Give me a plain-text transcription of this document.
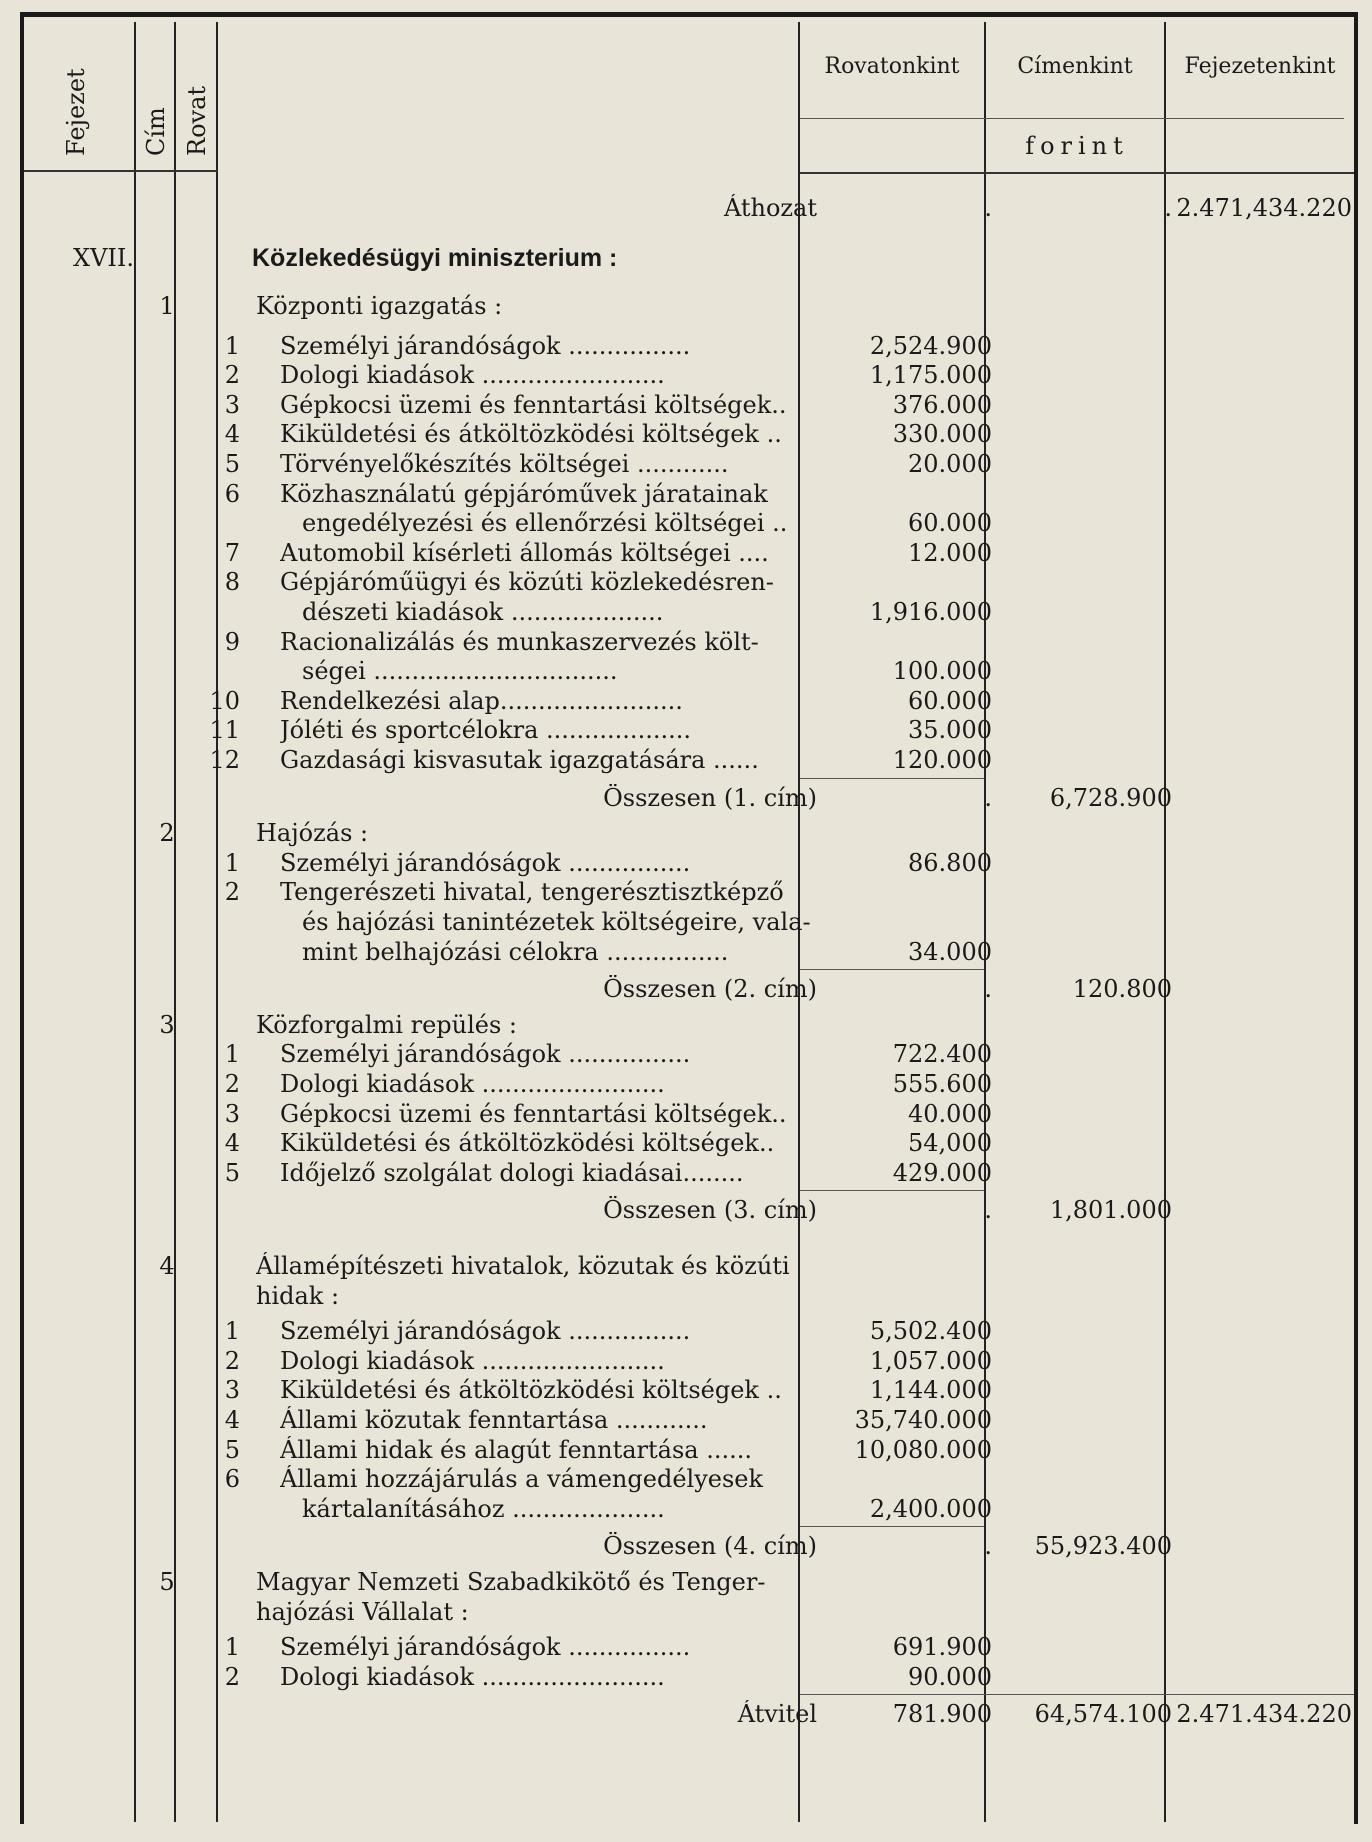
Fejezet Cím Rovat
Rovatonkint	Címenkint	Fejezetenkint
forint
Áthozat	.	. 2.471,434.220
XVII.	Közlekedésügyi miniszterium :
1	Központi igazgatás :
1 Személyi járandóságok ................	2,524.900
2 Dologi kiadások ........................	1,175.000
3 Gépkocsi üzemi és fenntartási költségek..	376.000
4 Kiküldetési és átköltözködési költségek ..	330.000
5 Törvényelőkészítés költségei ............	20.000
6 Közhasználatú gépjáróművek járatainak
engedélyezési és ellenőrzési költségei ..	60.000
7 Automobil kísérleti állomás költségei ....	12.000
8 Gépjáróműügyi és közúti közlekedésren-
dészeti kiadások ....................	1,916.000
9 Racionalizálás és munkaszervezés költ-
ségei ................................	100.000
10 Rendelkezési alap........................	60.000
11 Jóléti és sportcélokra ...................	35.000
12 Gazdasági kisvasutak igazgatására ......	120.000
Összesen (1. cím)	.	6,728.900
2	Hajózás :
1 Személyi járandóságok ................	86.800
2 Tengerészeti hivatal, tengerésztisztképző
és hajózási tanintézetek költségeire, vala-
mint belhajózási célokra ................	34.000
Összesen (2. cím)	.	120.800
3	Közforgalmi repülés :
1 Személyi járandóságok ................	722.400
2 Dologi kiadások ........................	555.600
3 Gépkocsi üzemi és fenntartási költségek..	40.000
4 Kiküldetési és átköltözködési költségek..	54,000
5 Időjelző szolgálat dologi kiadásai........	429.000
Összesen (3. cím)	.	1,801.000
4	Államépítészeti hivatalok, közutak és közúti
hidak :
1 Személyi járandóságok ................	5,502.400
2 Dologi kiadások ........................	1,057.000
3 Kiküldetési és átköltözködési költségek ..	1,144.000
4 Állami közutak fenntartása ............	35,740.000
5 Állami hidak és alagút fenntartása ......	10,080.000
6 Állami hozzájárulás a vámengedélyesek
kártalanításához ....................	2,400.000
Összesen (4. cím)	.	55,923.400
5	Magyar Nemzeti Szabadkikötő és Tenger-
hajózási Vállalat :
1 Személyi járandóságok ................	691.900
2 Dologi kiadások ........................	90.000
Átvitel	781.900	64,574.100 2.471.434.220
